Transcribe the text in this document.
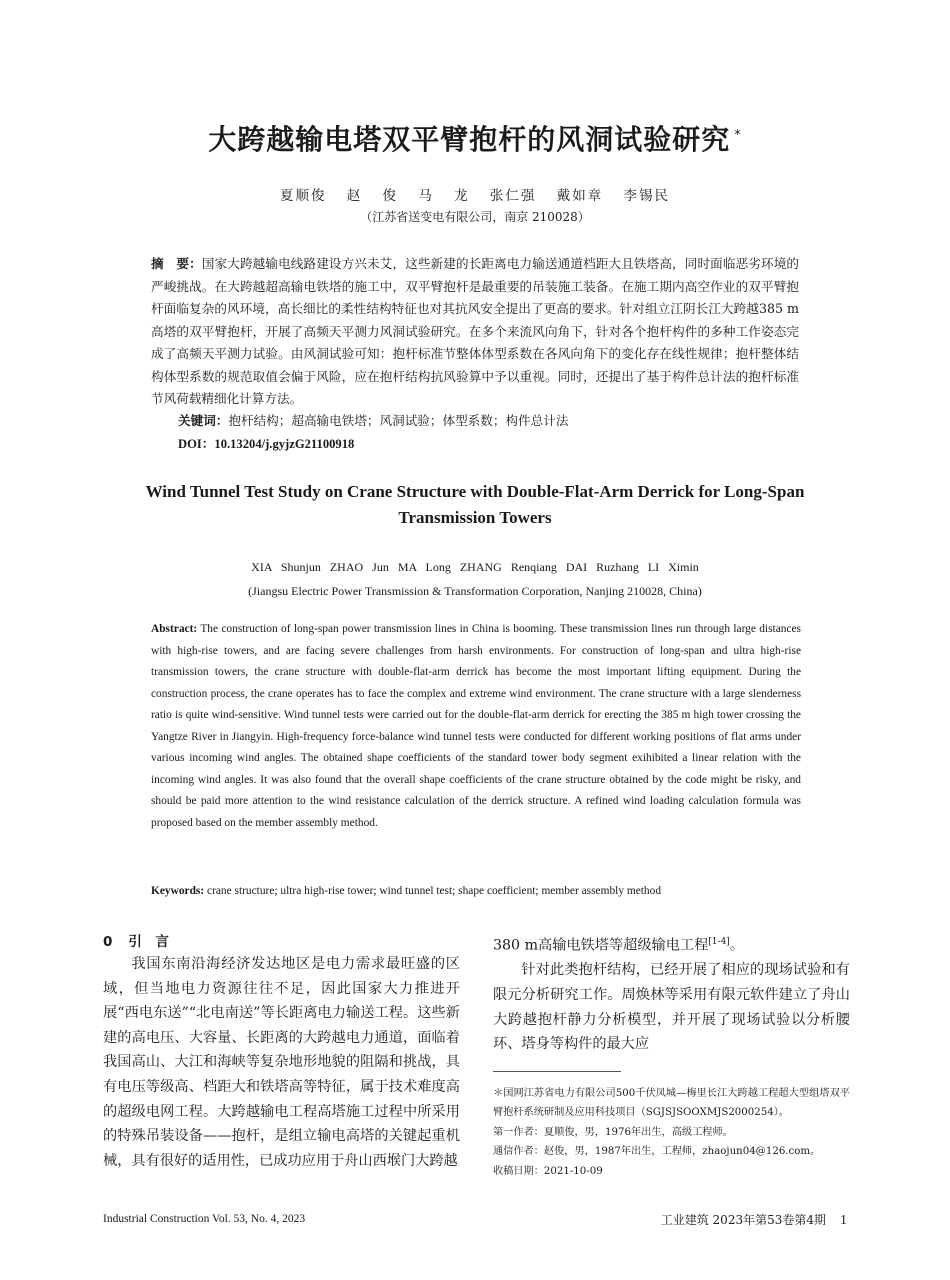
大跨越输电塔双平臂抱杆的风洞试验研究 *
夏顺俊 赵 俊 马 龙 张仁强 戴如章 李锡民
（江苏省送变电有限公司，南京 210028）
摘　要：国家大跨越输电线路建设方兴未艾，这些新建的长距离电力输送通道档距大且铁塔高，同时面临恶劣环境的严峻挑战。在大跨越超高输电铁塔的施工中，双平臂抱杆是最重要的吊装施工装备。在施工期内高空作业的双平臂抱杆面临复杂的风环境，高长细比的柔性结构特征也对其抗风安全提出了更高的要求。针对组立江阴长江大跨越385 m高塔的双平臂抱杆，开展了高频天平测力风洞试验研究。在多个来流风向角下，针对各个抱杆构件的多种工作姿态完成了高频天平测力试验。由风洞试验可知：抱杆标准节整体体型系数在各风向角下的变化存在线性规律；抱杆整体结构体型系数的规范取值会偏于风险，应在抱杆结构抗风验算中予以重视。同时，还提出了基于构件总计法的抱杆标准节风荷载精细化计算方法。
关键词：抱杆结构；超高输电铁塔；风洞试验；体型系数；构件总计法
DOI：10.13204/j.gyjzG21100918
Wind Tunnel Test Study on Crane Structure with Double-Flat-Arm Derrick for Long-Span Transmission Towers
XIA Shunjun ZHAO Jun MA Long ZHANG Renqiang DAI Ruzhang LI Ximin
(Jiangsu Electric Power Transmission & Transformation Corporation, Nanjing 210028, China)
Abstract: The construction of long-span power transmission lines in China is booming. These transmission lines run through large distances with high-rise towers, and are facing severe challenges from harsh environments. For construction of long-span and ultra high-rise transmission towers, the crane structure with double-flat-arm derrick has become the most important lifting equipment. During the construction process, the crane operates has to face the complex and extreme wind environment. The crane structure with a large slenderness ratio is quite wind-sensitive. Wind tunnel tests were carried out for the double-flat-arm derrick for erecting the 385 m high tower crossing the Yangtze River in Jiangyin. High-frequency force-balance wind tunnel tests were conducted for different working positions of flat arms under various incoming wind angles. The obtained shape coefficients of the standard tower body segment exihibited a linear relation with the incoming wind angles. It was also found that the overall shape coefficients of the crane structure obtained by the code might be risky, and should be paid more attention to the wind resistance calculation of the derrick structure. A refined wind loading calculation formula was proposed based on the member assembly method.
Keywords: crane structure; ultra high-rise tower; wind tunnel test; shape coefficient; member assembly method
0 引　言

我国东南沿海经济发达地区是电力需求最旺盛的区域，但当地电力资源往往不足，因此国家大力推进开展“西电东送”“北电南送”等长距离电力输送工程。这些新建的高电压、大容量、长距离的大跨越电力通道，面临着我国高山、大江和海峡等复杂地形地貌的阻隔和挑战，具有电压等级高、档距大和铁塔高等特征，属于技术难度高的超级电网工程。大跨越输电工程高塔施工过程中所采用的特殊吊装设备——抱杆，是组立输电高塔的关键起重机械，具有很好的适用性，已成功应用于舟山西堠门大跨越

380 m高输电铁塔等超级输电工程[1-4]。

针对此类抱杆结构，已经开展了相应的现场试验和有限元分析研究工作。周焕林等采用有限元软件建立了舟山大跨越抱杆静力分析模型，并开展了现场试验以分析腰环、塔身等构件的最大应

＊国网江苏省电力有限公司500千伏凤城—梅里长江大跨越工程超大型组塔双平臂抱杆系统研制及应用科技项目（SGJSJSOOXMJS2000254）。

第一作者：夏顺俊，男，1976年出生，高级工程师。

通信作者：赵俊，男，1987年出生，工程师，zhaojun04@126.com。

收稿日期：2021-10-09

Industrial Construction Vol. 53, No. 4, 2023	工业建筑 2023年第53卷第4期 1
